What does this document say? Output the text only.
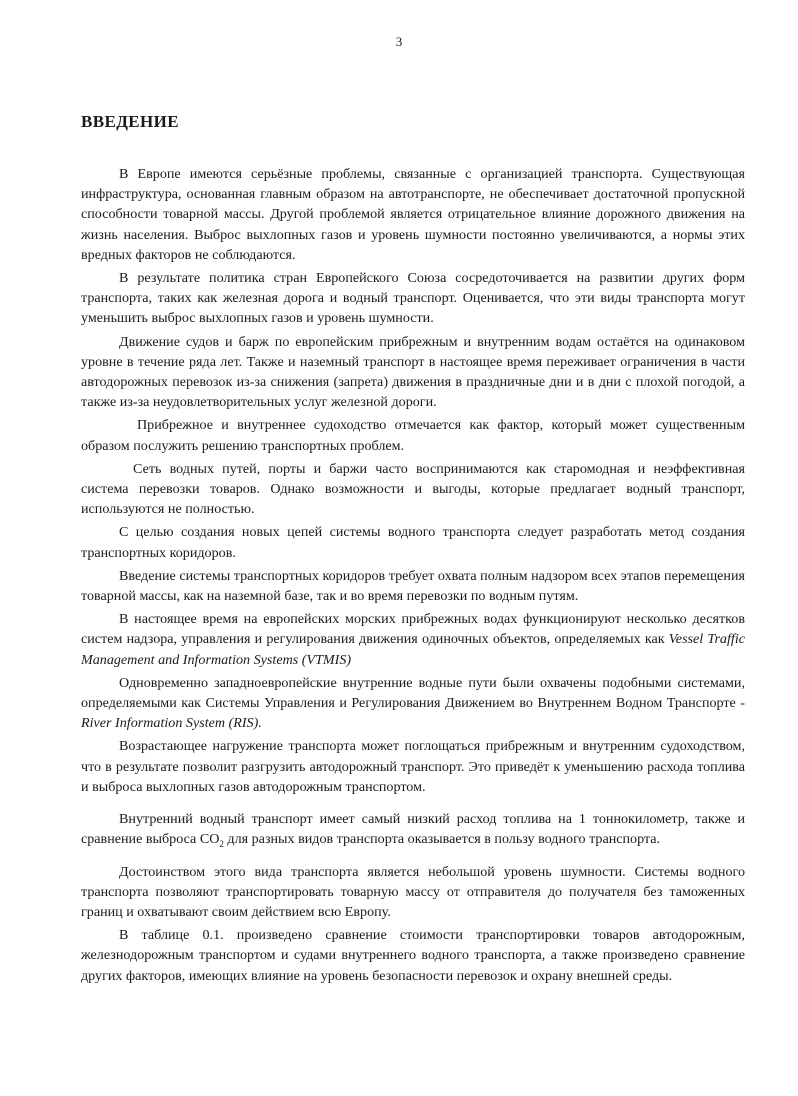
3
ВВЕДЕНИЕ

В Европе имеются серьёзные проблемы, связанные с организацией транспорта. Существующая инфраструктура, основанная главным образом на автотранспорте, не обеспечивает достаточной пропускной способности товарной массы. Другой проблемой является отрицательное влияние дорожного движения на жизнь населения. Выброс выхлопных газов и уровень шумности постоянно увеличиваются, а нормы этих вредных факторов не соблюдаются.

В результате политика стран Европейского Союза сосредоточивается на развитии других форм транспорта, таких как железная дорога и водный транспорт. Оценивается, что эти виды транспорта могут уменьшить выброс выхлопных газов и уровень шумности.

Движение судов и барж по европейским прибрежным и внутренним водам остаётся на одинаковом уровне в течение ряда лет. Также и наземный транспорт в настоящее время переживает ограничения в части автодорожных перевозок из-за снижения (запрета) движения в праздничные дни и в дни с плохой погодой, а также из-за неудовлетворительных услуг железной дороги.

Прибрежное и внутреннее судоходство отмечается как фактор, который может существенным образом послужить решению транспортных проблем.

Сеть водных путей, порты и баржи часто воспринимаются как старомодная и неэффективная система перевозки товаров. Однако возможности и выгоды, которые предлагает водный транспорт, используются не полностью.

С целью создания новых цепей системы водного транспорта следует разработать метод создания транспортных коридоров.

Введение системы транспортных коридоров требует охвата полным надзором всех этапов перемещения товарной массы, как на наземной базе, так и во время перевозки по водным путям.

В настоящее время на европейских морских прибрежных водах функционируют несколько десятков систем надзора, управления и регулирования движения одиночных объектов, определяемых как Vessel Traffic Management and Information Systems (VTMIS)

Одновременно западноевропейские внутренние водные пути были охвачены подобными системами, определяемыми как Системы Управления и Регулирования Движением во Внутреннем Водном Транспорте - River Information System (RIS).

Возрастающее нагружение транспорта может поглощаться прибрежным и внутренним судоходством, что в результате позволит разгрузить автодорожный транспорт. Это приведёт к уменьшению расхода топлива и выброса выхлопных газов автодорожным транспортом.

Внутренний водный транспорт имеет самый низкий расход топлива на 1 тоннокилометр, также и сравнение выброса $CO_2$ для разных видов транспорта оказывается в пользу водного транспорта.

Достоинством этого вида транспорта является небольшой уровень шумности. Системы водного транспорта позволяют транспортировать товарную массу от отправителя до получателя без таможенных границ и охватывают своим действием всю Европу.

В таблице 0.1. произведено сравнение стоимости транспортировки товаров автодорожным, железнодорожным транспортом и судами внутреннего водного транспорта, а также произведено сравнение других факторов, имеющих влияние на уровень безопасности перевозок и охрану внешней среды.
